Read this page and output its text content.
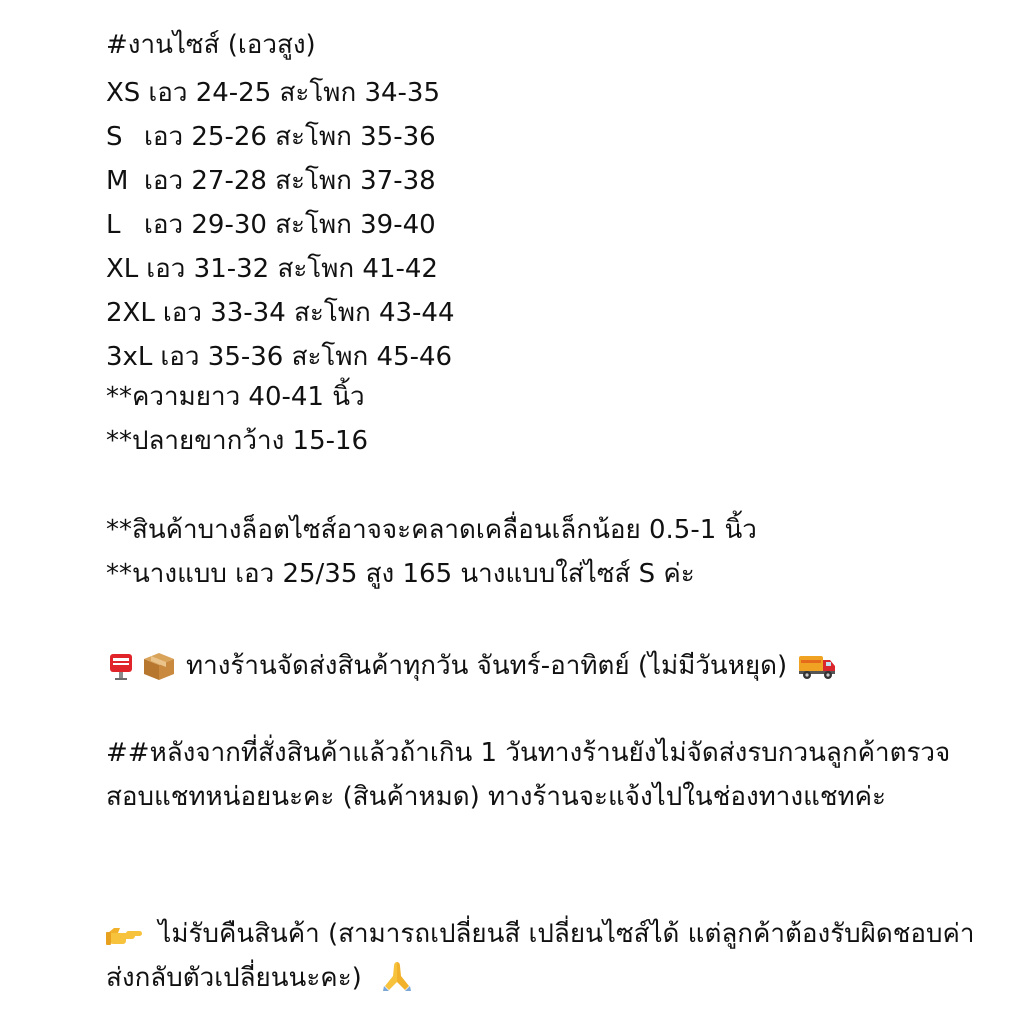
#งานไซส์ (เอวสูง)
XS เอว 24-25 สะโพก 34-35
S เอว 25-26 สะโพก 35-36
M เอว 27-28 สะโพก 37-38
L เอว 29-30 สะโพก 39-40
XL เอว 31-32 สะโพก 41-42
2XL เอว 33-34 สะโพก 43-44
3xL เอว 35-36 สะโพก 45-46
**ความยาว 40-41 นิ้ว
**ปลายขากว้าง 15-16
**สินค้าบางล็อตไซส์อาจจะคลาดเคลื่อนเล็กน้อย 0.5-1 นิ้ว
**นางแบบ เอว 25/35 สูง 165 นางแบบใส่ไซส์ S ค่ะ
ทางร้านจัดส่งสินค้าทุกวัน จันทร์-อาทิตย์ (ไม่มีวันหยุด)
##หลังจากที่สั่งสินค้าแล้วถ้าเกิน 1 วันทางร้านยังไม่จัดส่งรบกวนลูกค้าตรวจสอบแชทหน่อยนะคะ (สินค้าหมด) ทางร้านจะแจ้งไปในช่องทางแชทค่ะ
ไม่รับคืนสินค้า (สามารถเปลี่ยนสี เปลี่ยนไซส์ได้ แต่ลูกค้าต้องรับผิดชอบค่าส่งกลับตัวเปลี่ยนนะคะ)
